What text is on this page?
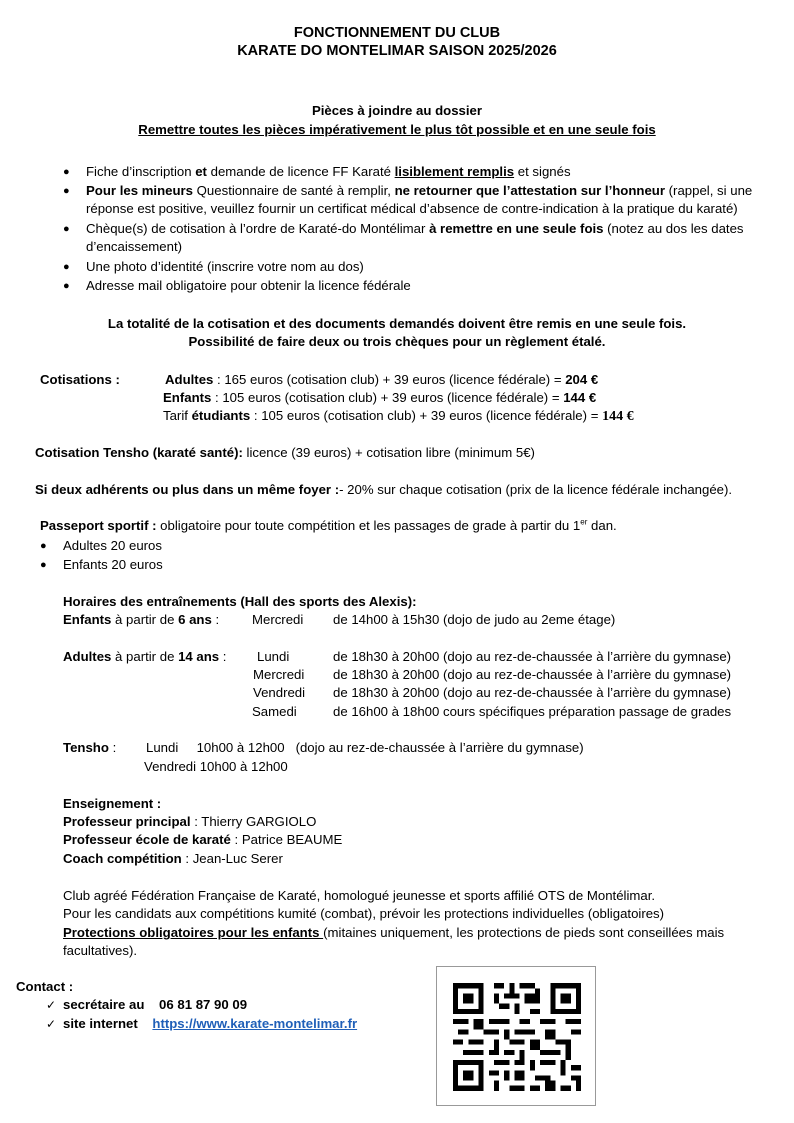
FONCTIONNEMENT DU CLUB
KARATE DO MONTELIMAR SAISON 2025/2026
Pièces à joindre au dossier
Remettre toutes les pièces impérativement le plus tôt possible et en une seule fois
● Fiche d’inscription et demande de licence FF Karaté lisiblement remplis et signés
● Pour les mineurs Questionnaire de santé à remplir, ne retourner que l’attestation sur l’honneur (rappel, si une
réponse est positive, veuillez fournir un certificat médical d’absence de contre-indication à la pratique du karaté)
● Chèque(s) de cotisation à l’ordre de Karaté-do Montélimar à remettre en une seule fois (notez au dos les dates
d’encaissement)
● Une photo d’identité (inscrire votre nom au dos)
● Adresse mail obligatoire pour obtenir la licence fédérale
La totalité de la cotisation et des documents demandés doivent être remis en une seule fois.
Possibilité de faire deux ou trois chèques pour un règlement étalé.
Cotisations :	Adultes : 165 euros (cotisation club) + 39 euros (licence fédérale) = 204 €
Enfants : 105 euros (cotisation club) + 39 euros (licence fédérale) = 144 €
Tarif étudiants : 105 euros (cotisation club) + 39 euros (licence fédérale) = 144 €
Cotisation Tensho (karaté santé): licence (39 euros) + cotisation libre (minimum 5€)
Si deux adhérents ou plus dans un même foyer :- 20% sur chaque cotisation (prix de la licence fédérale inchangée).
Passeport sportif : obligatoire pour toute compétition et les passages de grade à partir du 1er dan.
● Adultes 20 euros
● Enfants 20 euros
Horaires des entraînements (Hall des sports des Alexis):
Enfants à partir de 6 ans : Mercredi de 14h00 à 15h30 (dojo de judo au 2eme étage)
Adultes à partir de 14 ans : Lundi	de 18h30 à 20h00 (dojo au rez-de-chaussée à l’arrière du gymnase)
Mercredi de 18h30 à 20h00 (dojo au rez-de-chaussée à l’arrière du gymnase)
Vendredi de 18h30 à 20h00 (dojo au rez-de-chaussée à l’arrière du gymnase)
Samedi	de 16h00 à 18h00 cours spécifiques préparation passage de grades
Tensho : Lundi     10h00 à 12h00   (dojo au rez-de-chaussée à l’arrière du gymnase)
Vendredi 10h00 à 12h00
Enseignement :
Professeur principal : Thierry GARGIOLO
Professeur école de karaté : Patrice BEAUME
Coach compétition : Jean-Luc Serer
Club agréé Fédération Française de Karaté, homologué jeunesse et sports affilié OTS de Montélimar.
Pour les candidats aux compétitions kumité (combat), prévoir les protections individuelles (obligatoires)
Protections obligatoires pour les enfants (mitaines uniquement, les protections de pieds sont conseillées mais
facultatives).
Contact :
✓ secrétaire au 06 81 87 90 09
✓ site internet https://www.karate-montelimar.fr
